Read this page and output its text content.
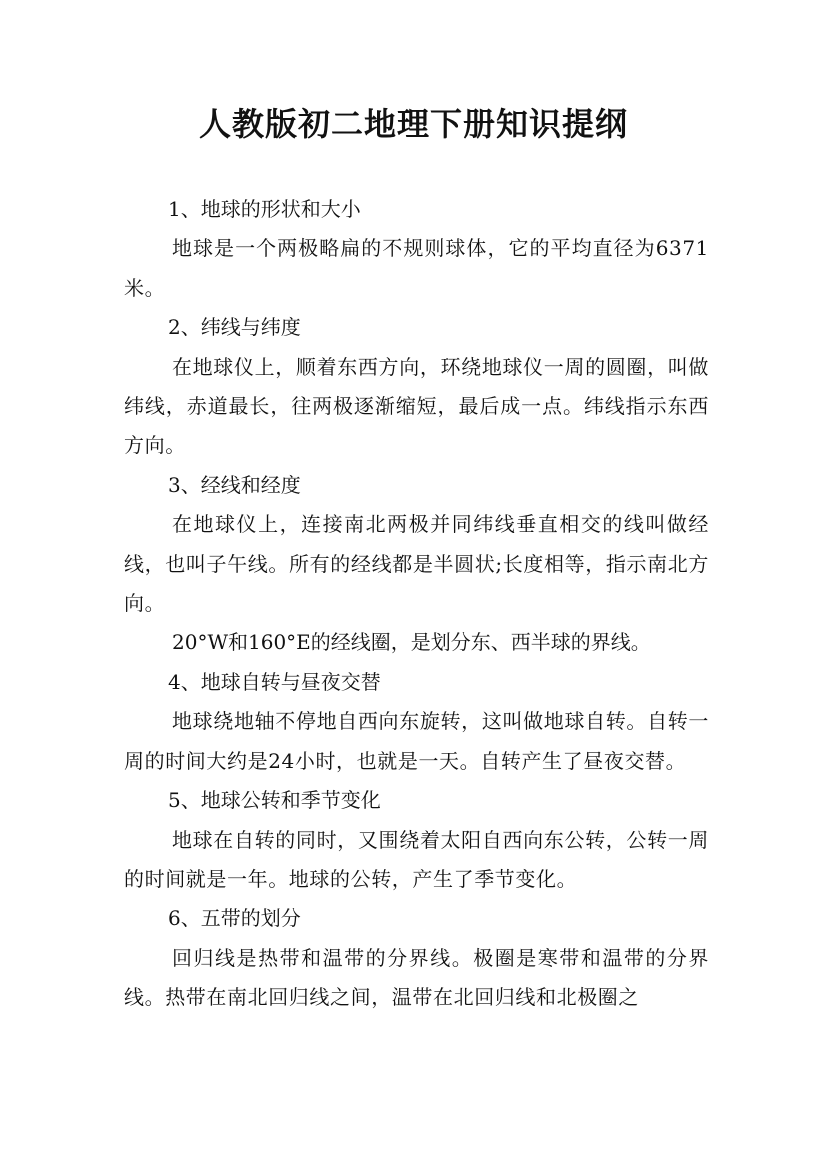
人教版初二地理下册知识提纲

1、地球的形状和大小

地球是一个两极略扁的不规则球体，它的平均直径为6371米。

2、纬线与纬度

在地球仪上，顺着东西方向，环绕地球仪一周的圆圈，叫做纬线，赤道最长，往两极逐渐缩短，最后成一点。纬线指示东西方向。

3、经线和经度

在地球仪上，连接南北两极并同纬线垂直相交的线叫做经线，也叫子午线。所有的经线都是半圆状;长度相等，指示南北方向。

20°W和160°E的经线圈，是划分东、西半球的界线。

4、地球自转与昼夜交替

地球绕地轴不停地自西向东旋转，这叫做地球自转。自转一周的时间大约是24小时，也就是一天。自转产生了昼夜交替。

5、地球公转和季节变化

地球在自转的同时，又围绕着太阳自西向东公转，公转一周的时间就是一年。地球的公转，产生了季节变化。

6、五带的划分

回归线是热带和温带的分界线。极圈是寒带和温带的分界线。热带在南北回归线之间，温带在北回归线和北极圈之
